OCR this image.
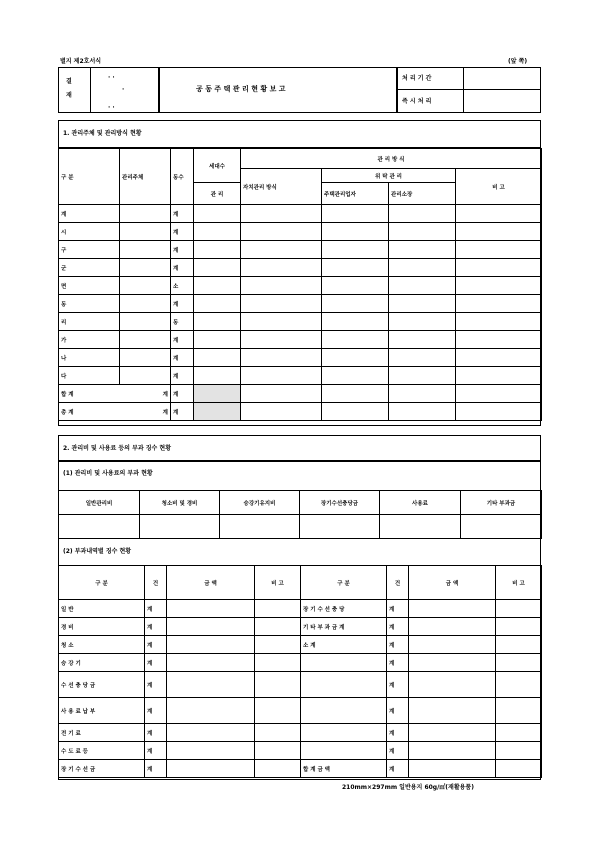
별지 제2호서식	(앞 쪽)
결
재
· ·
·
· ·
공 동 주 택 관 리 현 황 보 고
처 리 기 간
즉 시 처 리
1. 관리주체 및 관리방식 현황
구 분	관리주체	동수	세대수	관 리 방 식			
				자치관리 방식	위 탁 관 리		비 고
			관 리		주택관리업자	관리소장	
계		계					
시		계					
구		계					
군		계					
면		소					
동		계					
리		동					
가		계					
나		계					
다		계					
합 계 계		계					
총 계 계		계					
2. 관리비 및 사용료 등의 부과 징수 현황
(1) 관리비 및 사용료의 부과 현황
일반관리비	청소비 및 경비	승강기유지비	장기수선충당금	사용료	기타 부과금

(2) 부과내역별 징수 현황
구 분	건	금 액	비 고	구 분	건	금 액	비 고
일 반	계			장 기 수 선 충 당	계		
경 비	계			기 타 부 과 금 계	계		
청 소	계			소 계	계		
승 강 기	계				계		
수 선 충 당 금	계				계		
사 용 료 납 부	계				계		
전 기 료	계				계		
수 도 료 등	계				계		
장 기 수 선 금	계			합 계 금 액	계		
210mm×297mm 일반용지 60g/㎡(재활용품)
